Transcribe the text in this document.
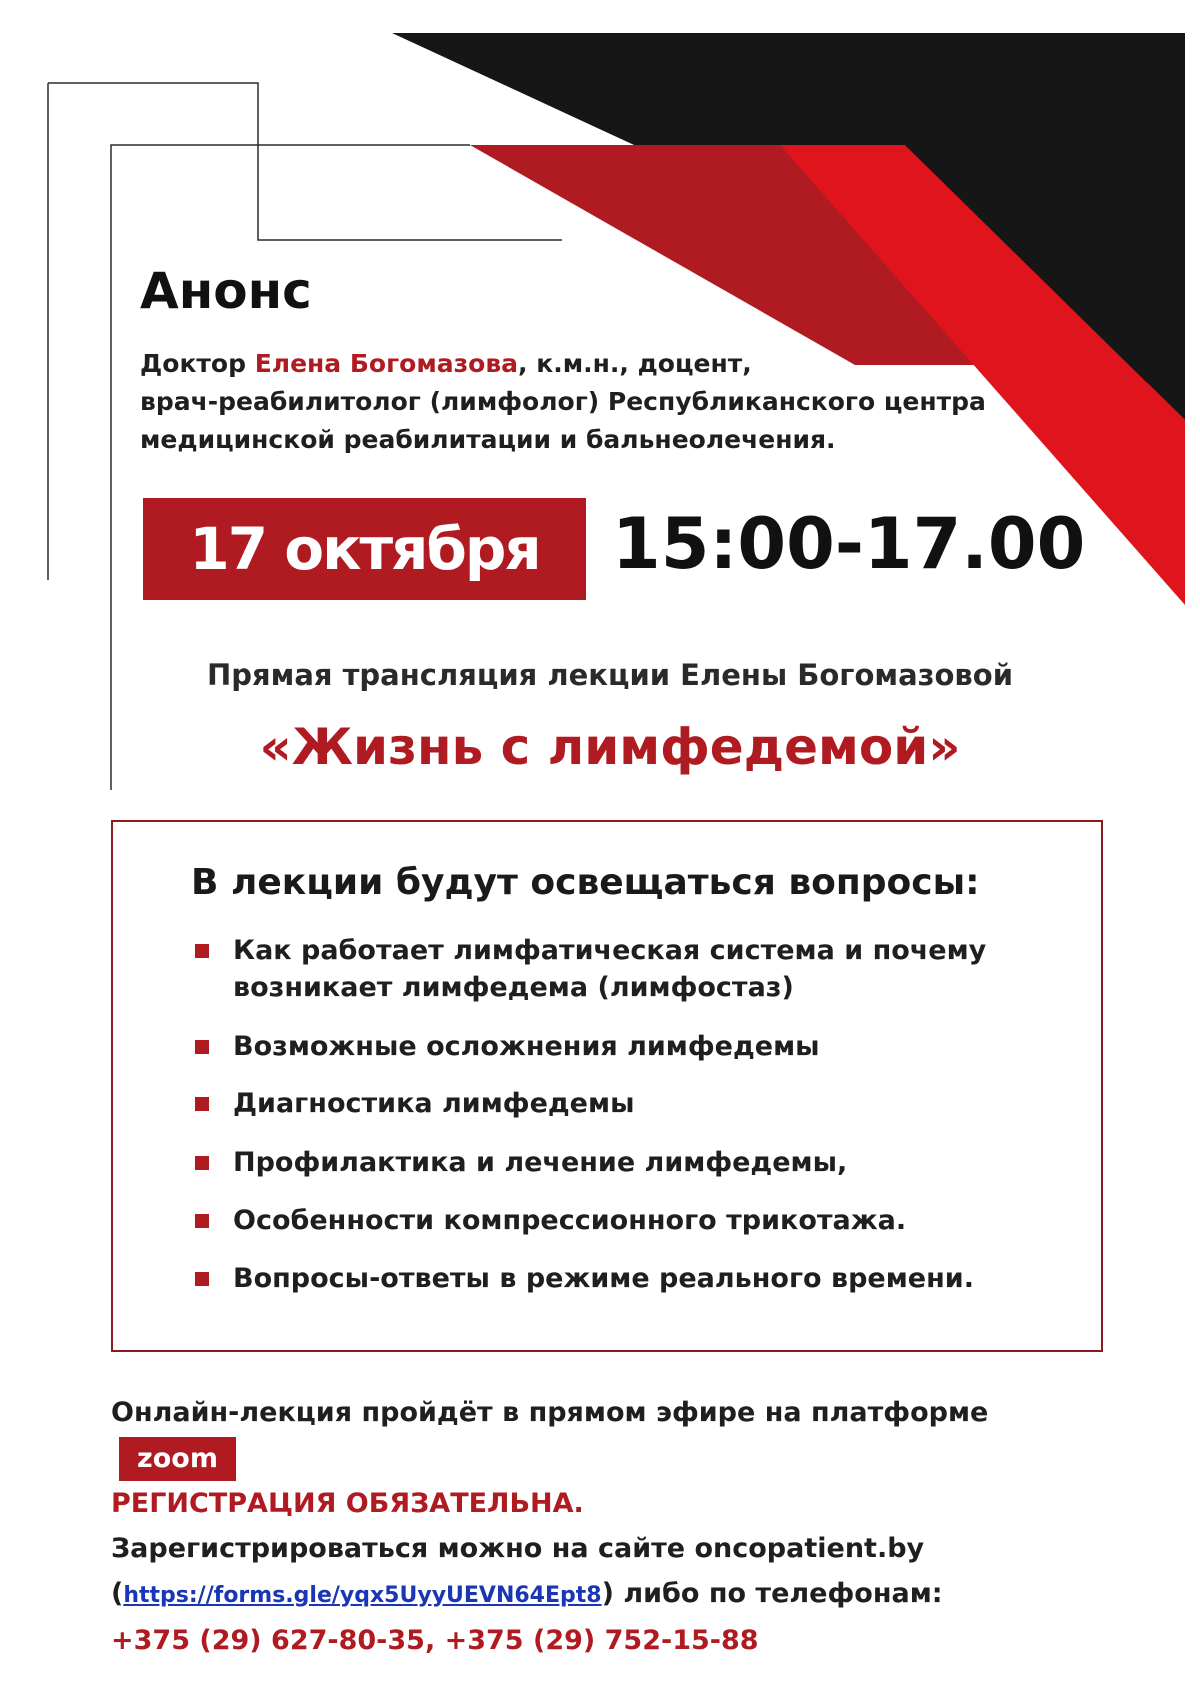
Анонс
Доктор Елена Богомазова, к.м.н., доцент,
врач-реабилитолог (лимфолог) Республиканского центра
медицинской реабилитации и бальнеолечения.
17 октября	15:00-17.00
Прямая трансляция лекции Елены Богомазовой
«Жизнь с лимфедемой»
В лекции будут освещаться вопросы:
Как работает лимфатическая система и почему возникает лимфедема (лимфостаз)
Возможные осложнения лимфедемы
Диагностика лимфедемы
Профилактика и лечение лимфедемы,
Особенности компрессионного трикотажа.
Вопросы-ответы в режиме реального времени.
Онлайн-лекция пройдёт в прямом эфире на платформеzoom
РЕГИСТРАЦИЯ ОБЯЗАТЕЛЬНА.
Зарегистрироваться можно на сайте oncopatient.by
(https://forms.gle/yqx5UyyUEVN64Ept8) либо по телефонам:
+375 (29) 627-80-35, +375 (29) 752-15-88
